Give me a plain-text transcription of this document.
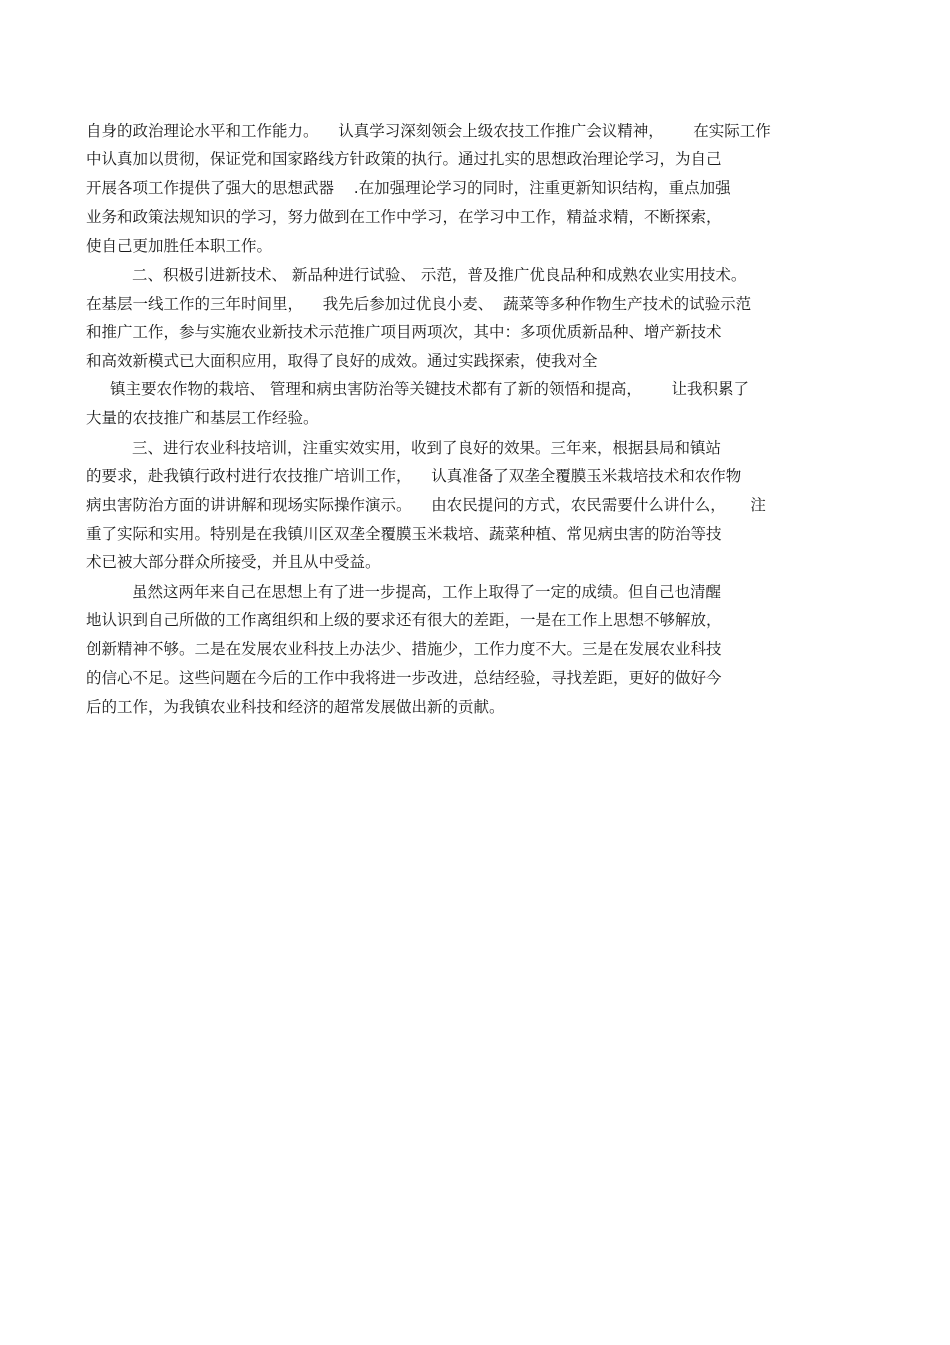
自身的政治理论水平和工作能力。    认真学习深刻领会上级农技工作推广会议精神，      在实际工作
中认真加以贯彻，保证党和国家路线方针政策的执行。通过扎实的思想政治理论学习，为自己
开展各项工作提供了强大的思想武器    .在加强理论学习的同时，注重更新知识结构，重点加强
业务和政策法规知识的学习，努力做到在工作中学习，在学习中工作，精益求精，不断探索，
使自己更加胜任本职工作。
二、积极引进新技术、 新品种进行试验、 示范，普及推广优良品种和成熟农业实用技术。
在基层一线工作的三年时间里，    我先后参加过优良小麦、  蔬菜等多种作物生产技术的试验示范
和推广工作，参与实施农业新技术示范推广项目两项次，其中：多项优质新品种、增产新技术
和高效新模式已大面积应用，取得了良好的成效。通过实践探索，使我对全
镇主要农作物的栽培、 管理和病虫害防治等关键技术都有了新的领悟和提高，      让我积累了
大量的农技推广和基层工作经验。
三、进行农业科技培训，注重实效实用，收到了良好的效果。三年来，根据县局和镇站
的要求，赴我镇行政村进行农技推广培训工作，    认真准备了双垄全覆膜玉米栽培技术和农作物
病虫害防治方面的讲讲解和现场实际操作演示。    由农民提问的方式，农民需要什么讲什么，     注
重了实际和实用。特别是在我镇川区双垄全覆膜玉米栽培、蔬菜种植、常见病虫害的防治等技
术已被大部分群众所接受，并且从中受益。
虽然这两年来自己在思想上有了进一步提高，工作上取得了一定的成绩。但自己也清醒
地认识到自己所做的工作离组织和上级的要求还有很大的差距，一是在工作上思想不够解放，
创新精神不够。二是在发展农业科技上办法少、措施少，工作力度不大。三是在发展农业科技
的信心不足。这些问题在今后的工作中我将进一步改进，总结经验，寻找差距，更好的做好今
后的工作，为我镇农业科技和经济的超常发展做出新的贡献。
